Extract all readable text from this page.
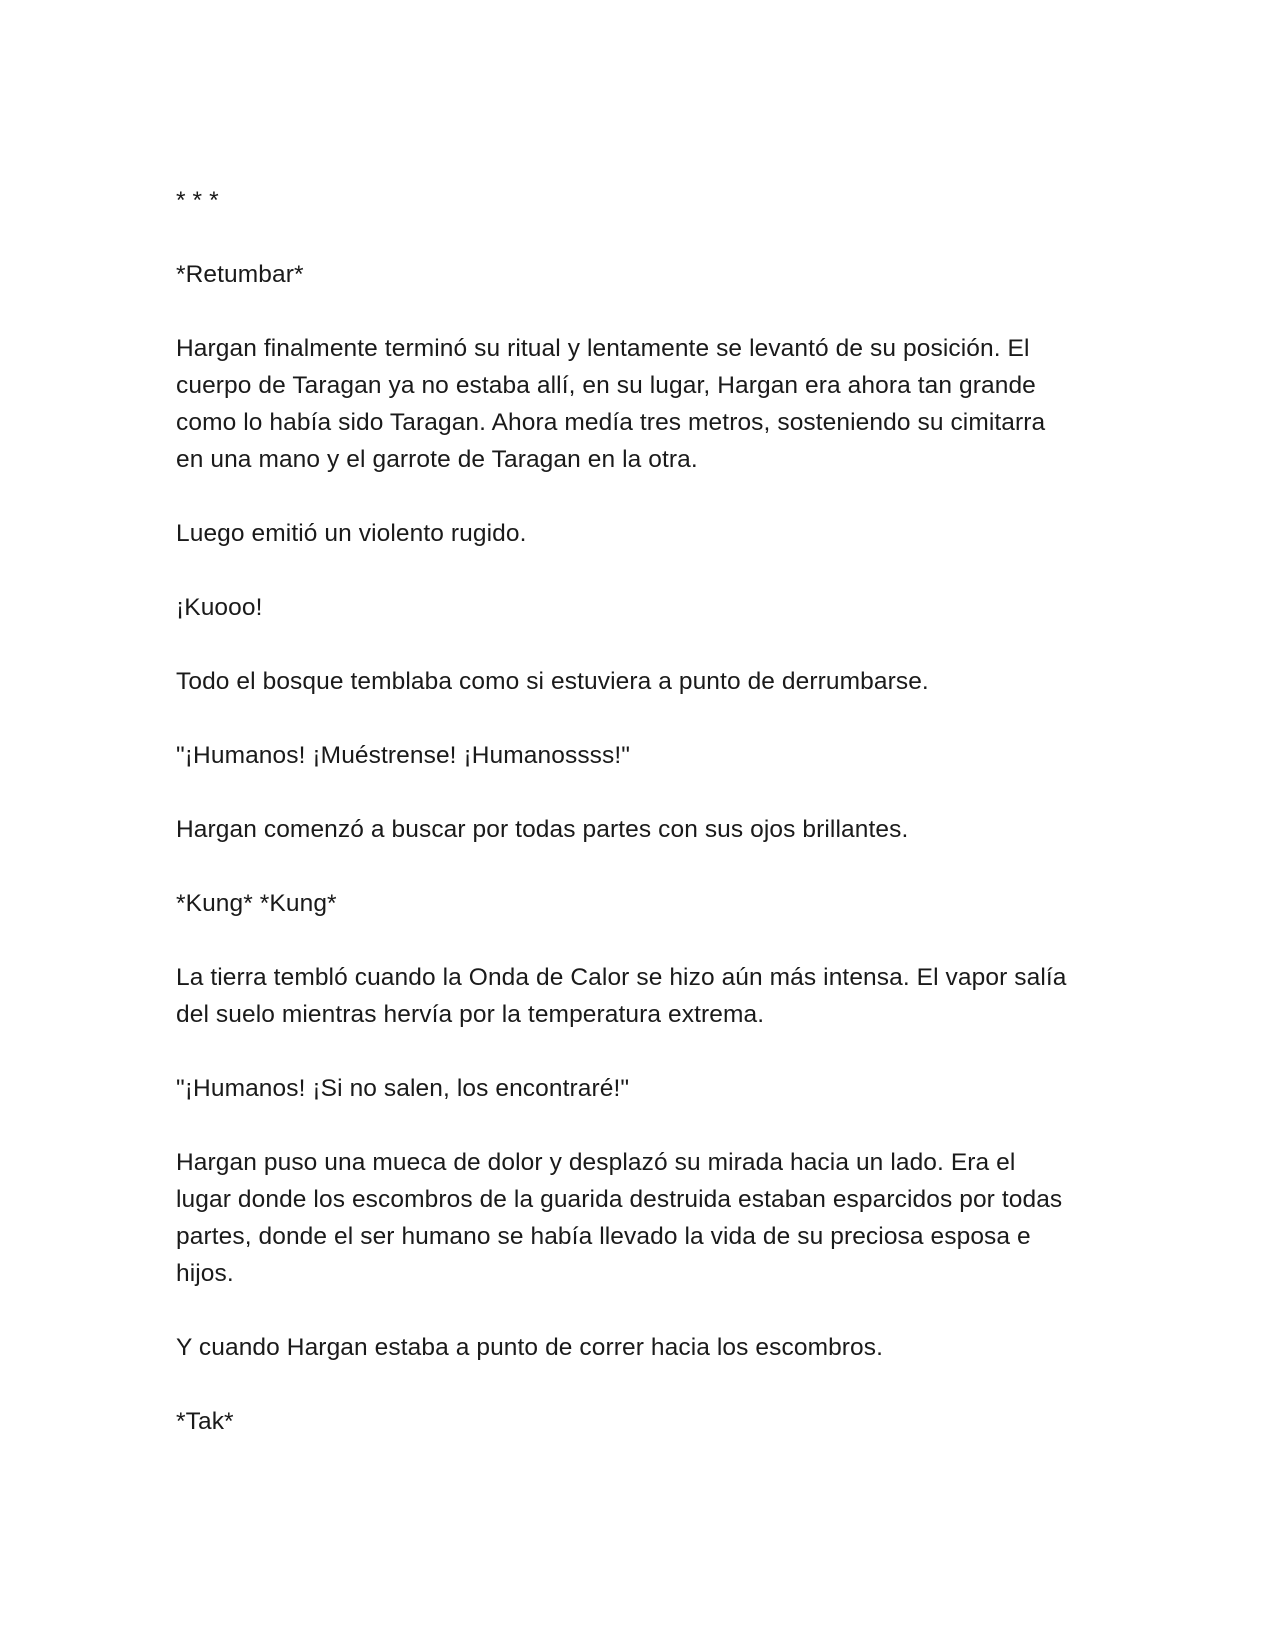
* * *

*Retumbar*

Hargan finalmente terminó su ritual y lentamente se levantó de su posición. El
cuerpo de Taragan ya no estaba allí, en su lugar, Hargan era ahora tan grande
como lo había sido Taragan. Ahora medía tres metros, sosteniendo su cimitarra
en una mano y el garrote de Taragan en la otra.

Luego emitió un violento rugido.

¡Kuooo!

Todo el bosque temblaba como si estuviera a punto de derrumbarse.

"¡Humanos! ¡Muéstrense! ¡Humanossss!"

Hargan comenzó a buscar por todas partes con sus ojos brillantes.

*Kung* *Kung*

La tierra tembló cuando la Onda de Calor se hizo aún más intensa. El vapor salía
del suelo mientras hervía por la temperatura extrema.

"¡Humanos! ¡Si no salen, los encontraré!"

Hargan puso una mueca de dolor y desplazó su mirada hacia un lado. Era el
lugar donde los escombros de la guarida destruida estaban esparcidos por todas
partes, donde el ser humano se había llevado la vida de su preciosa esposa e
hijos.

Y cuando Hargan estaba a punto de correr hacia los escombros.

*Tak*
